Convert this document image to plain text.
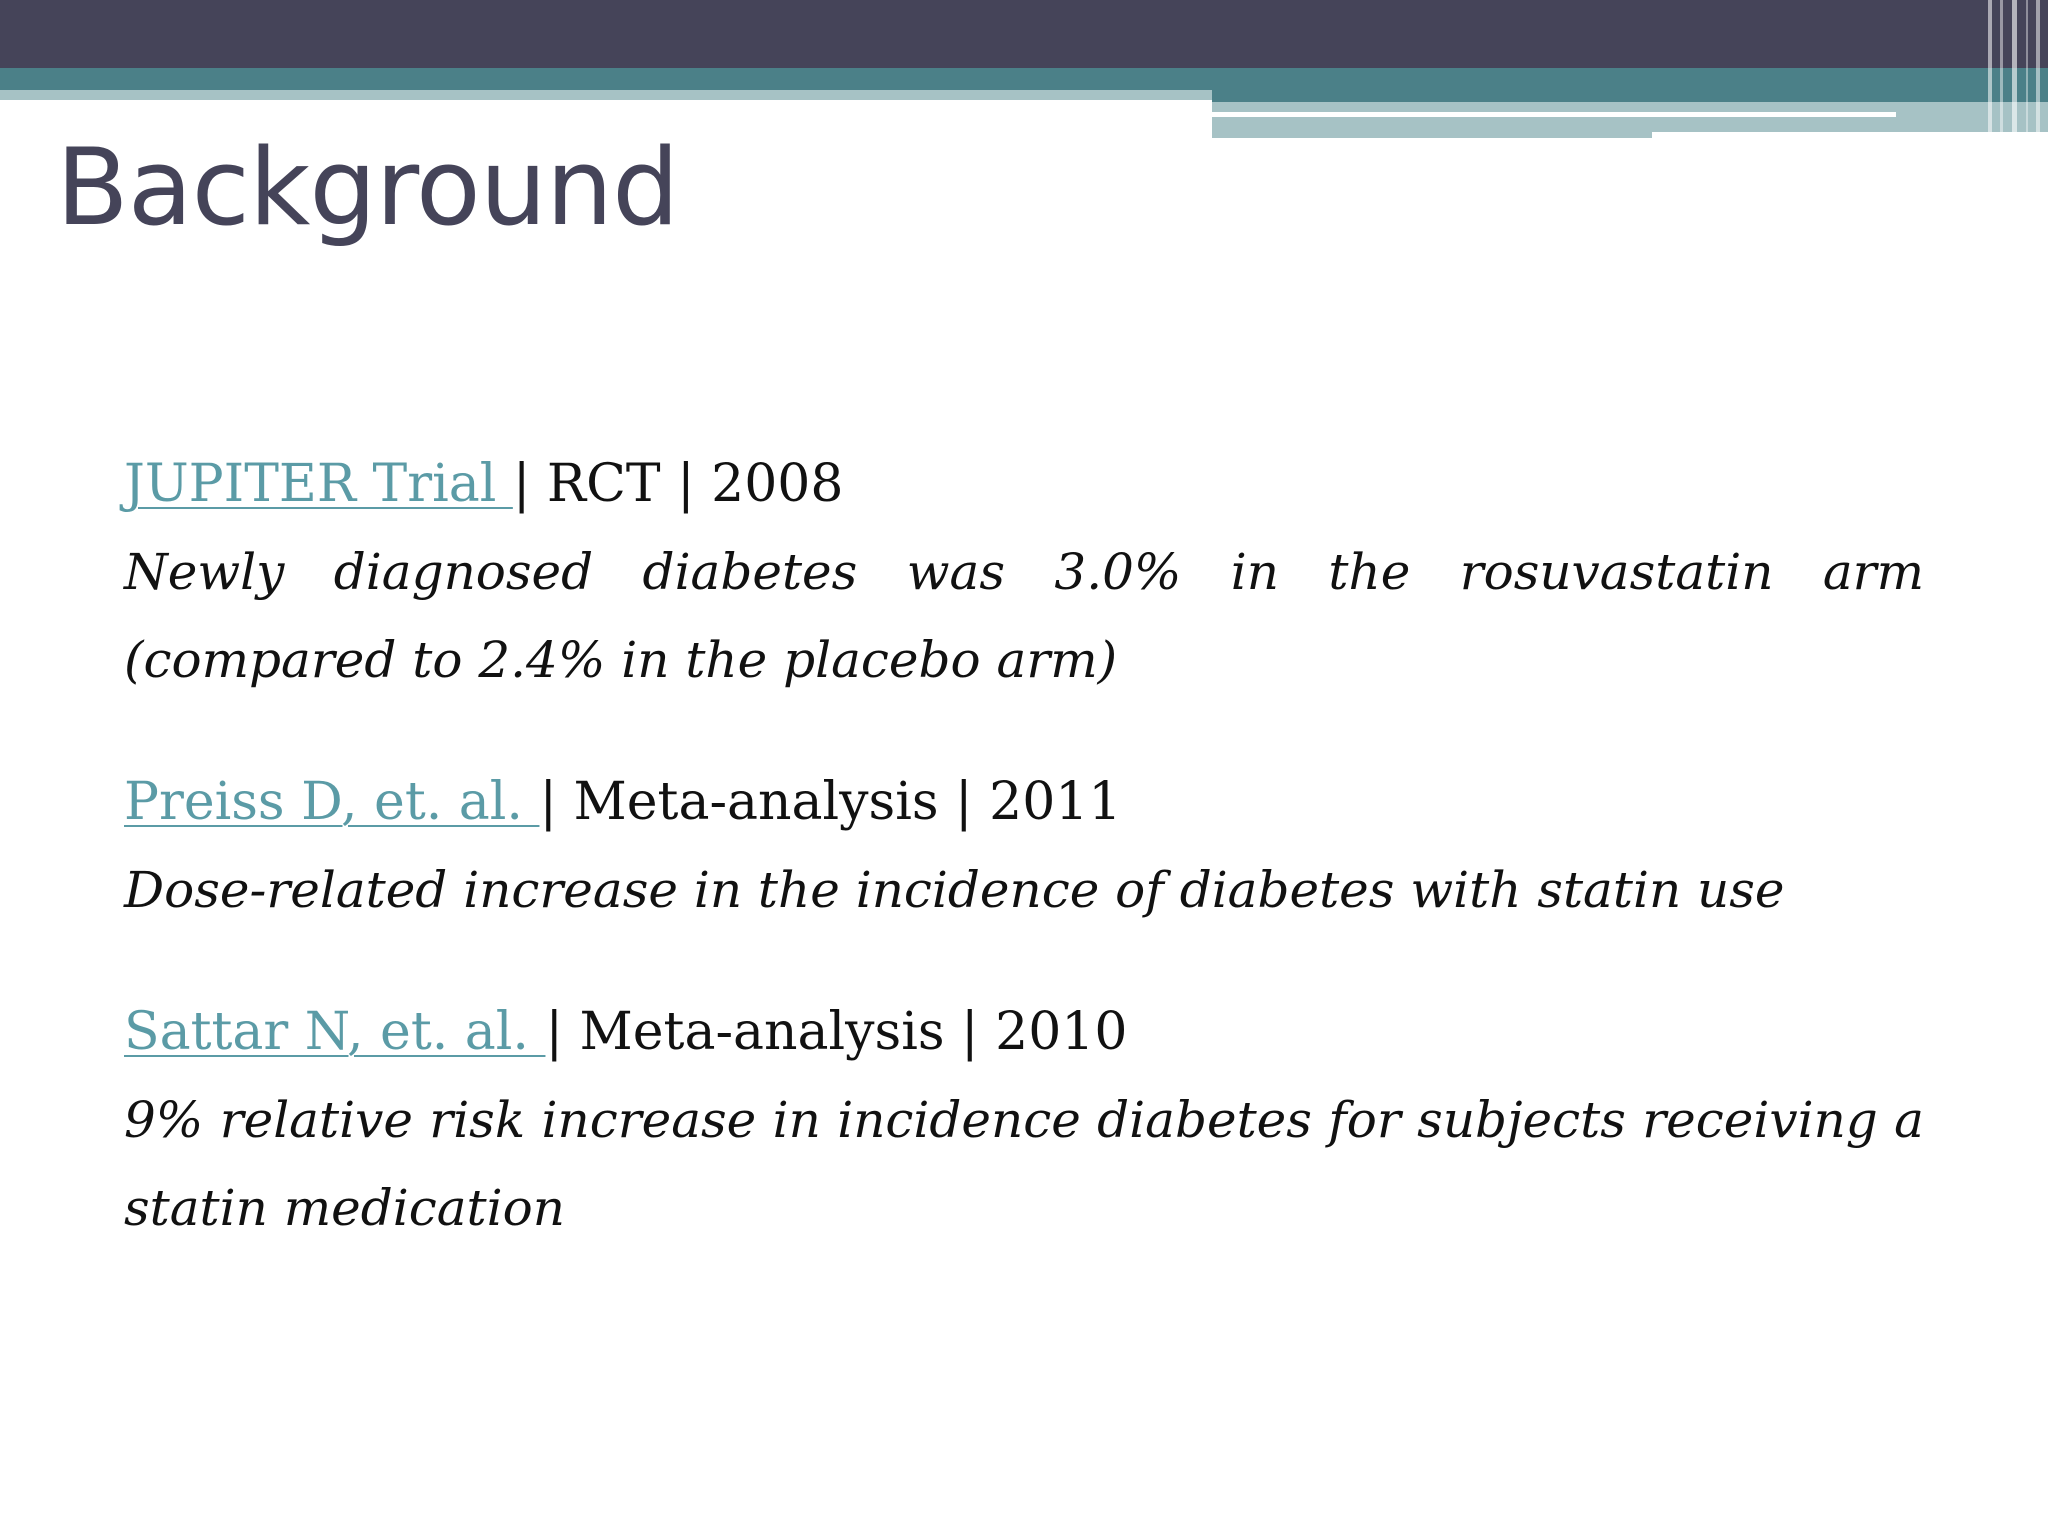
Background
JUPITER Trial | RCT | 2008
Newly diagnosed diabetes was 3.0% in the rosuvastatin arm (compared to 2.4% in the placebo arm)
Preiss D, et. al. | Meta-analysis | 2011
Dose-related increase in the incidence of diabetes with statin use
Sattar N, et. al. | Meta-analysis | 2010
9% relative risk increase in incidence diabetes for subjects receiving a statin medication
